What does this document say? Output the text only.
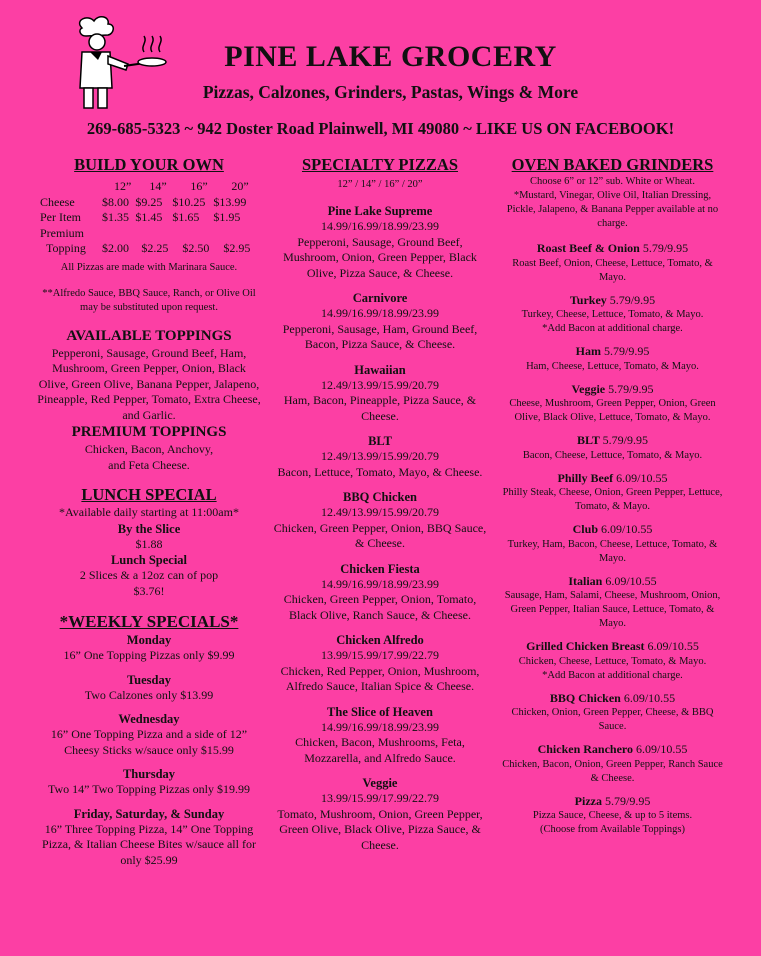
PINE LAKE GROCERY
Pizzas, Calzones, Grinders, Pastas, Wings & More
269-685-5323 ~ 942 Doster Road Plainwell, MI 49080 ~ LIKE US ON FACEBOOK!
BUILD YOUR OWN
	12”	14”	16”	20”
Cheese	$8.00	$9.25	$10.25	$13.99
Per Item	$1.35	$1.45	$1.65	$1.95
Premium				
Topping	$2.00	$2.25	$2.50	$2.95
All Pizzas are made with Marinara Sauce.
**Alfredo Sauce, BBQ Sauce, Ranch, or Olive Oil may be substituted upon request.
AVAILABLE TOPPINGS
Pepperoni, Sausage, Ground Beef, Ham, Mushroom, Green Pepper, Onion, Black Olive, Green Olive, Banana Pepper, Jalapeno, Pineapple, Red Pepper, Tomato, Extra Cheese, and Garlic.
PREMIUM TOPPINGS
Chicken, Bacon, Anchovy,
and Feta Cheese.
LUNCH SPECIAL
*Available daily starting at 11:00am*
By the Slice
$1.88
Lunch Special
2 Slices & a 12oz can of pop
$3.76!
*WEEKLY SPECIALS*
Monday
16” One Topping Pizzas only $9.99
Tuesday
Two Calzones only $13.99
Wednesday
16” One Topping Pizza and a side of 12” Cheesy Sticks w/sauce only $15.99
Thursday
Two 14” Two Topping Pizzas only $19.99
Friday, Saturday, & Sunday
16” Three Topping Pizza, 14” One Topping Pizza, & Italian Cheese Bites w/sauce all for only $25.99
SPECIALTY PIZZAS
12” / 14” / 16” / 20”
Pine Lake Supreme
14.99/16.99/18.99/23.99
Pepperoni, Sausage, Ground Beef, Mushroom, Onion, Green Pepper, Black Olive, Pizza Sauce, & Cheese.
Carnivore
14.99/16.99/18.99/23.99
Pepperoni, Sausage, Ham, Ground Beef, Bacon, Pizza Sauce, & Cheese.
Hawaiian
12.49/13.99/15.99/20.79
Ham, Bacon, Pineapple, Pizza Sauce, & Cheese.
BLT
12.49/13.99/15.99/20.79
Bacon, Lettuce, Tomato, Mayo, & Cheese.
BBQ Chicken
12.49/13.99/15.99/20.79
Chicken, Green Pepper, Onion, BBQ Sauce, & Cheese.
Chicken Fiesta
14.99/16.99/18.99/23.99
Chicken, Green Pepper, Onion, Tomato, Black Olive, Ranch Sauce, & Cheese.
Chicken Alfredo
13.99/15.99/17.99/22.79
Chicken, Red Pepper, Onion, Mushroom, Alfredo Sauce, Italian Spice & Cheese.
The Slice of Heaven
14.99/16.99/18.99/23.99
Chicken, Bacon, Mushrooms, Feta, Mozzarella, and Alfredo Sauce.
Veggie
13.99/15.99/17.99/22.79
Tomato, Mushroom, Onion, Green Pepper, Green Olive, Black Olive, Pizza Sauce, & Cheese.
OVEN BAKED GRINDERS
Choose 6” or 12” sub. White or Wheat.
*Mustard, Vinegar, Olive Oil, Italian Dressing, Pickle, Jalapeno, & Banana Pepper available at no charge.
Roast Beef & Onion 5.79/9.95
Roast Beef, Onion, Cheese, Lettuce, Tomato, & Mayo.
Turkey 5.79/9.95
Turkey, Cheese, Lettuce, Tomato, & Mayo.
*Add Bacon at additional charge.
Ham 5.79/9.95
Ham, Cheese, Lettuce, Tomato, & Mayo.
Veggie 5.79/9.95
Cheese, Mushroom, Green Pepper, Onion, Green Olive, Black Olive, Lettuce, Tomato, & Mayo.
BLT 5.79/9.95
Bacon, Cheese, Lettuce, Tomato, & Mayo.
Philly Beef 6.09/10.55
Philly Steak, Cheese, Onion, Green Pepper, Lettuce, Tomato, & Mayo.
Club 6.09/10.55
Turkey, Ham, Bacon, Cheese, Lettuce, Tomato, & Mayo.
Italian 6.09/10.55
Sausage, Ham, Salami, Cheese, Mushroom, Onion, Green Pepper, Italian Sauce, Lettuce, Tomato, & Mayo.
Grilled Chicken Breast 6.09/10.55
Chicken, Cheese, Lettuce, Tomato, & Mayo.
*Add Bacon at additional charge.
BBQ Chicken 6.09/10.55
Chicken, Onion, Green Pepper, Cheese, & BBQ Sauce.
Chicken Ranchero 6.09/10.55
Chicken, Bacon, Onion, Green Pepper, Ranch Sauce & Cheese.
Pizza 5.79/9.95
Pizza Sauce, Cheese, & up to 5 items.
(Choose from Available Toppings)
